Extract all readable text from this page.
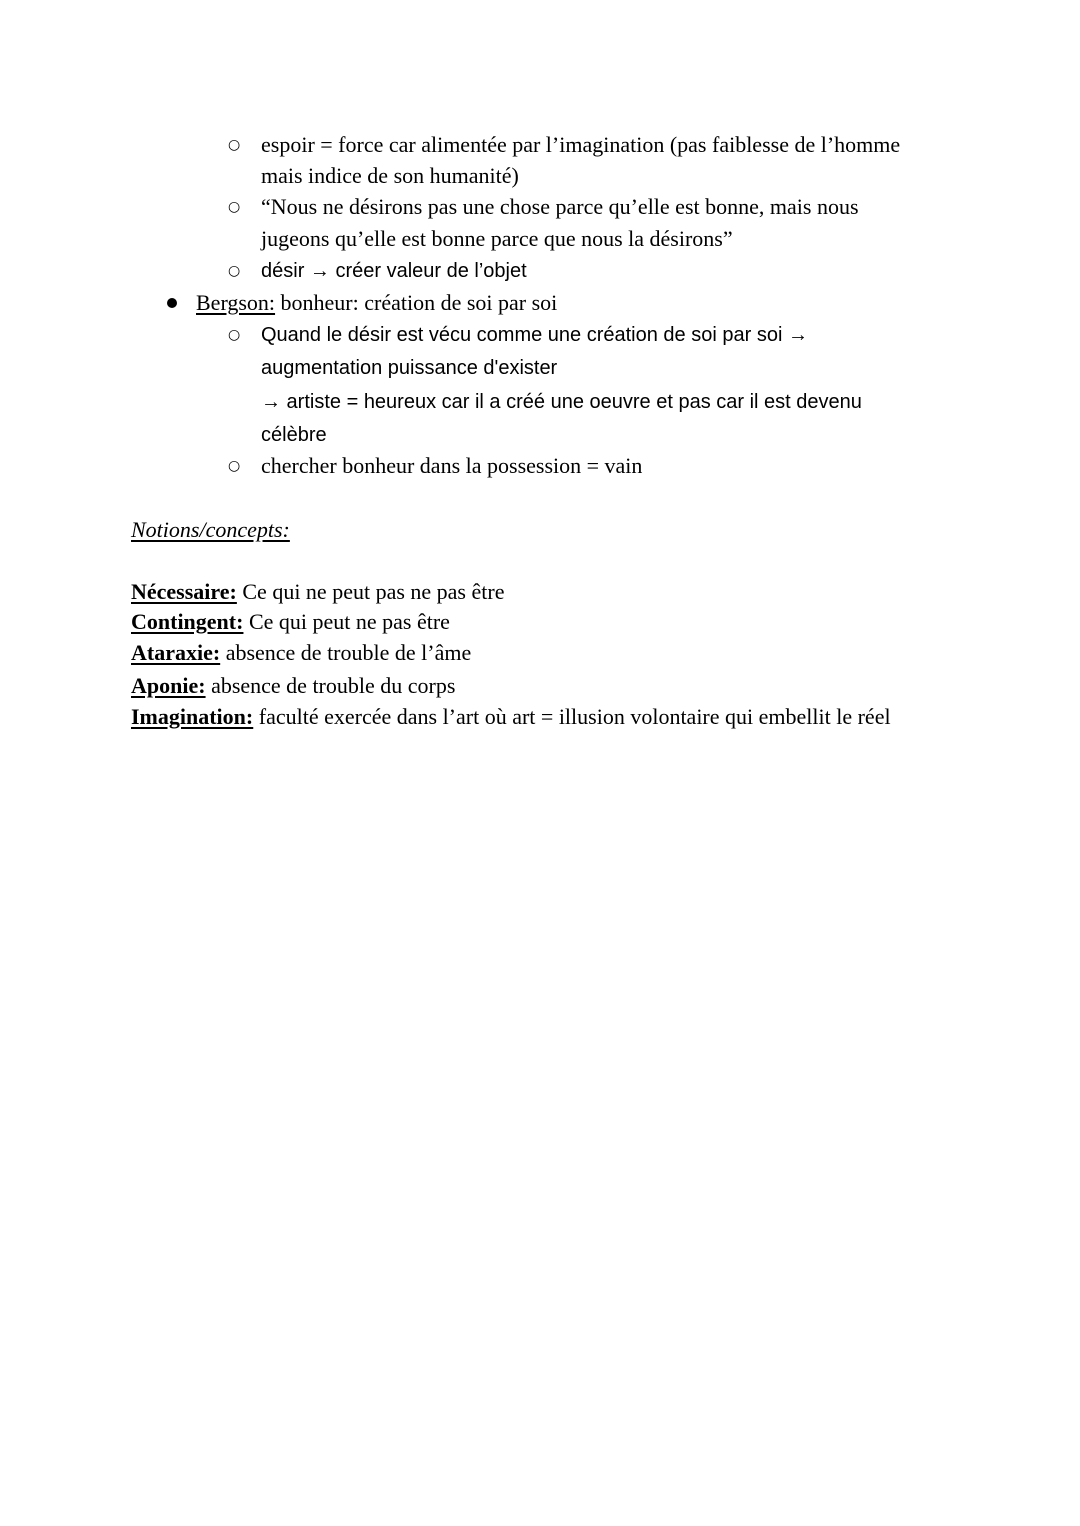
○ espoir = force car alimentée par l’imagination (pas faiblesse de l’homme
mais indice de son humanité)
○ “Nous ne désirons pas une chose parce qu’elle est bonne, mais nous
jugeons qu’elle est bonne parce que nous la désirons”
○ désir → créer valeur de l’objet
Bergson: bonheur: création de soi par soi
○ Quand le désir est vécu comme une création de soi par soi →
augmentation puissance d'exister
→ artiste = heureux car il a créé une oeuvre et pas car il est devenu
célèbre
○ chercher bonheur dans la possession = vain
Notions/concepts:
Nécessaire: Ce qui ne peut pas ne pas être
Contingent: Ce qui peut ne pas être
Ataraxie: absence de trouble de l’âme
Aponie: absence de trouble du corps
Imagination: faculté exercée dans l’art où art = illusion volontaire qui embellit le réel
